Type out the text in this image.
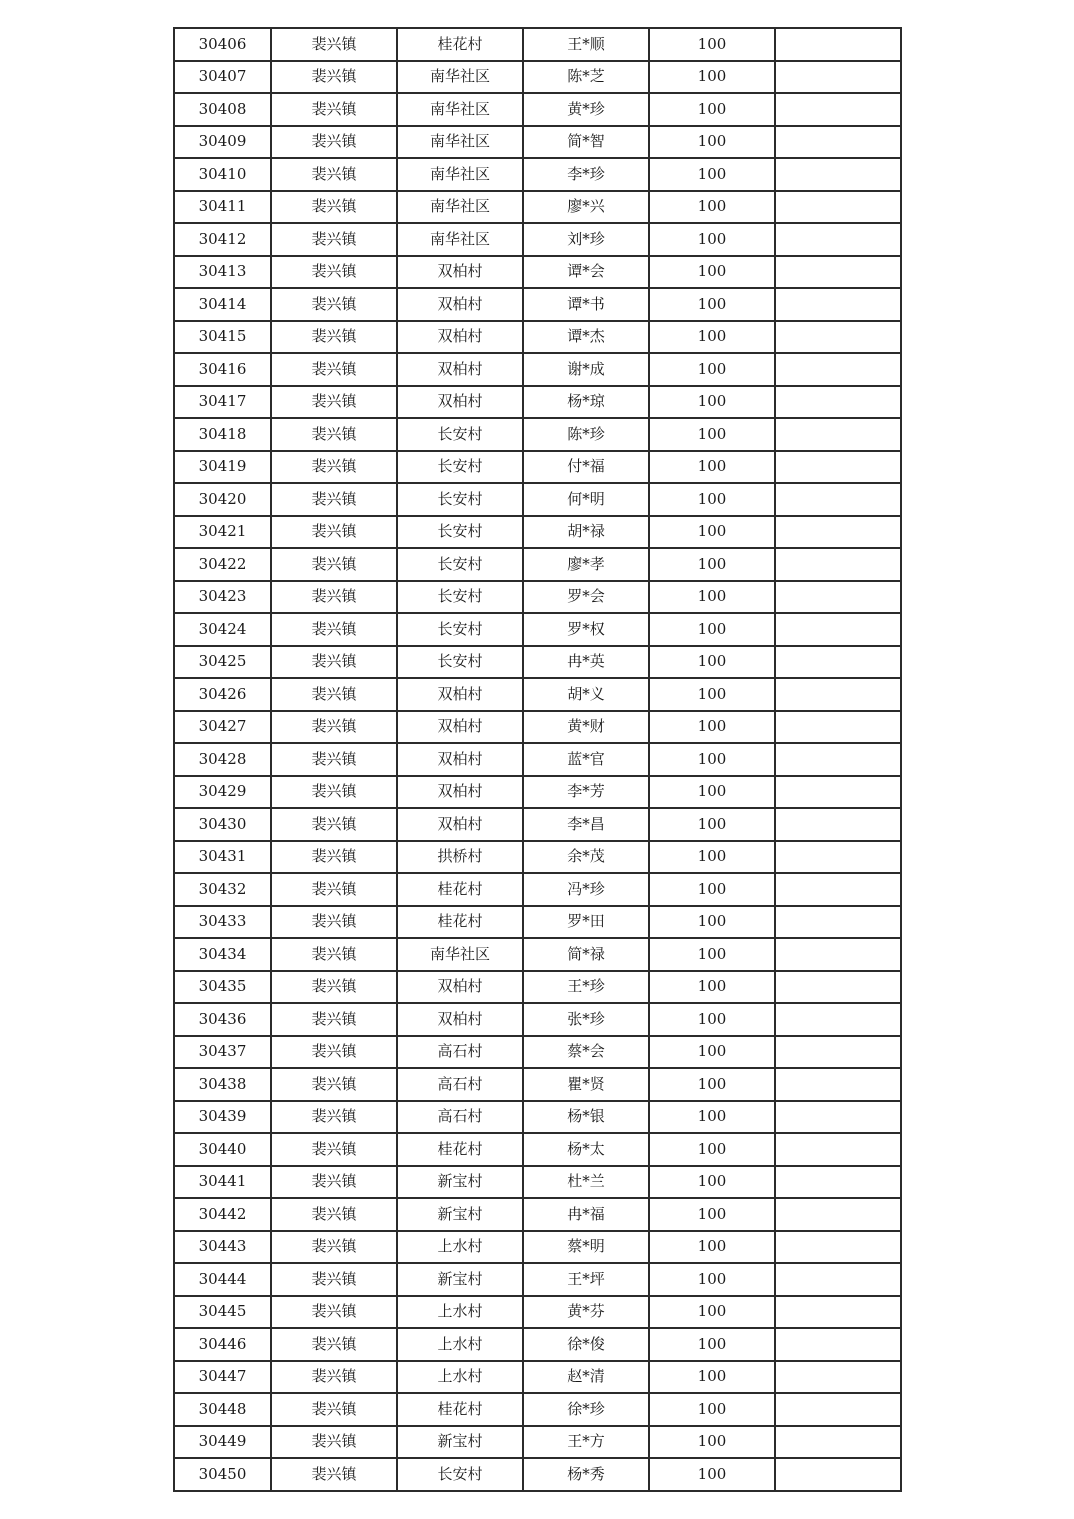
30406	裴兴镇	桂花村	王*顺	100	
30407	裴兴镇	南华社区	陈*芝	100	
30408	裴兴镇	南华社区	黄*珍	100	
30409	裴兴镇	南华社区	简*智	100	
30410	裴兴镇	南华社区	李*珍	100	
30411	裴兴镇	南华社区	廖*兴	100	
30412	裴兴镇	南华社区	刘*珍	100	
30413	裴兴镇	双柏村	谭*会	100	
30414	裴兴镇	双柏村	谭*书	100	
30415	裴兴镇	双柏村	谭*杰	100	
30416	裴兴镇	双柏村	谢*成	100	
30417	裴兴镇	双柏村	杨*琼	100	
30418	裴兴镇	长安村	陈*珍	100	
30419	裴兴镇	长安村	付*福	100	
30420	裴兴镇	长安村	何*明	100	
30421	裴兴镇	长安村	胡*禄	100	
30422	裴兴镇	长安村	廖*孝	100	
30423	裴兴镇	长安村	罗*会	100	
30424	裴兴镇	长安村	罗*权	100	
30425	裴兴镇	长安村	冉*英	100	
30426	裴兴镇	双柏村	胡*义	100	
30427	裴兴镇	双柏村	黄*财	100	
30428	裴兴镇	双柏村	蓝*官	100	
30429	裴兴镇	双柏村	李*芳	100	
30430	裴兴镇	双柏村	李*昌	100	
30431	裴兴镇	拱桥村	余*茂	100	
30432	裴兴镇	桂花村	冯*珍	100	
30433	裴兴镇	桂花村	罗*田	100	
30434	裴兴镇	南华社区	简*禄	100	
30435	裴兴镇	双柏村	王*珍	100	
30436	裴兴镇	双柏村	张*珍	100	
30437	裴兴镇	高石村	蔡*会	100	
30438	裴兴镇	高石村	瞿*贤	100	
30439	裴兴镇	高石村	杨*银	100	
30440	裴兴镇	桂花村	杨*太	100	
30441	裴兴镇	新宝村	杜*兰	100	
30442	裴兴镇	新宝村	冉*福	100	
30443	裴兴镇	上水村	蔡*明	100	
30444	裴兴镇	新宝村	王*坪	100	
30445	裴兴镇	上水村	黄*芬	100	
30446	裴兴镇	上水村	徐*俊	100	
30447	裴兴镇	上水村	赵*清	100	
30448	裴兴镇	桂花村	徐*珍	100	
30449	裴兴镇	新宝村	王*方	100	
30450	裴兴镇	长安村	杨*秀	100	
